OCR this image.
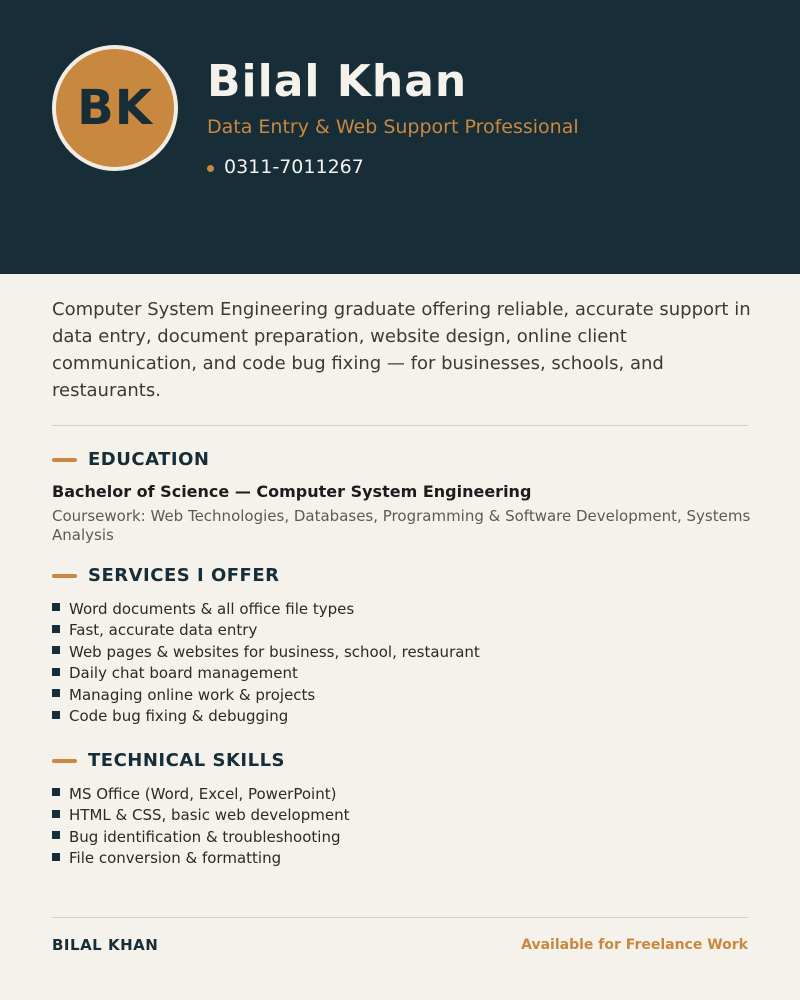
BK	Bilal Khan
Data Entry & Web Support Professional
0311-7011267
Computer System Engineering graduate offering reliable, accurate support in data entry, document preparation, website design, online client communication, and code bug fixing — for businesses, schools, and restaurants.
EDUCATION
Bachelor of Science — Computer System Engineering
Coursework: Web Technologies, Databases, Programming & Software Development, Systems Analysis
SERVICES I OFFER
Word documents & all office file types
Fast, accurate data entry
Web pages & websites for business, school, restaurant
Daily chat board management
Managing online work & projects
Code bug fixing & debugging
TECHNICAL SKILLS
MS Office (Word, Excel, PowerPoint)
HTML & CSS, basic web development
Bug identification & troubleshooting
File conversion & formatting
BILAL KHAN	Available for Freelance Work
